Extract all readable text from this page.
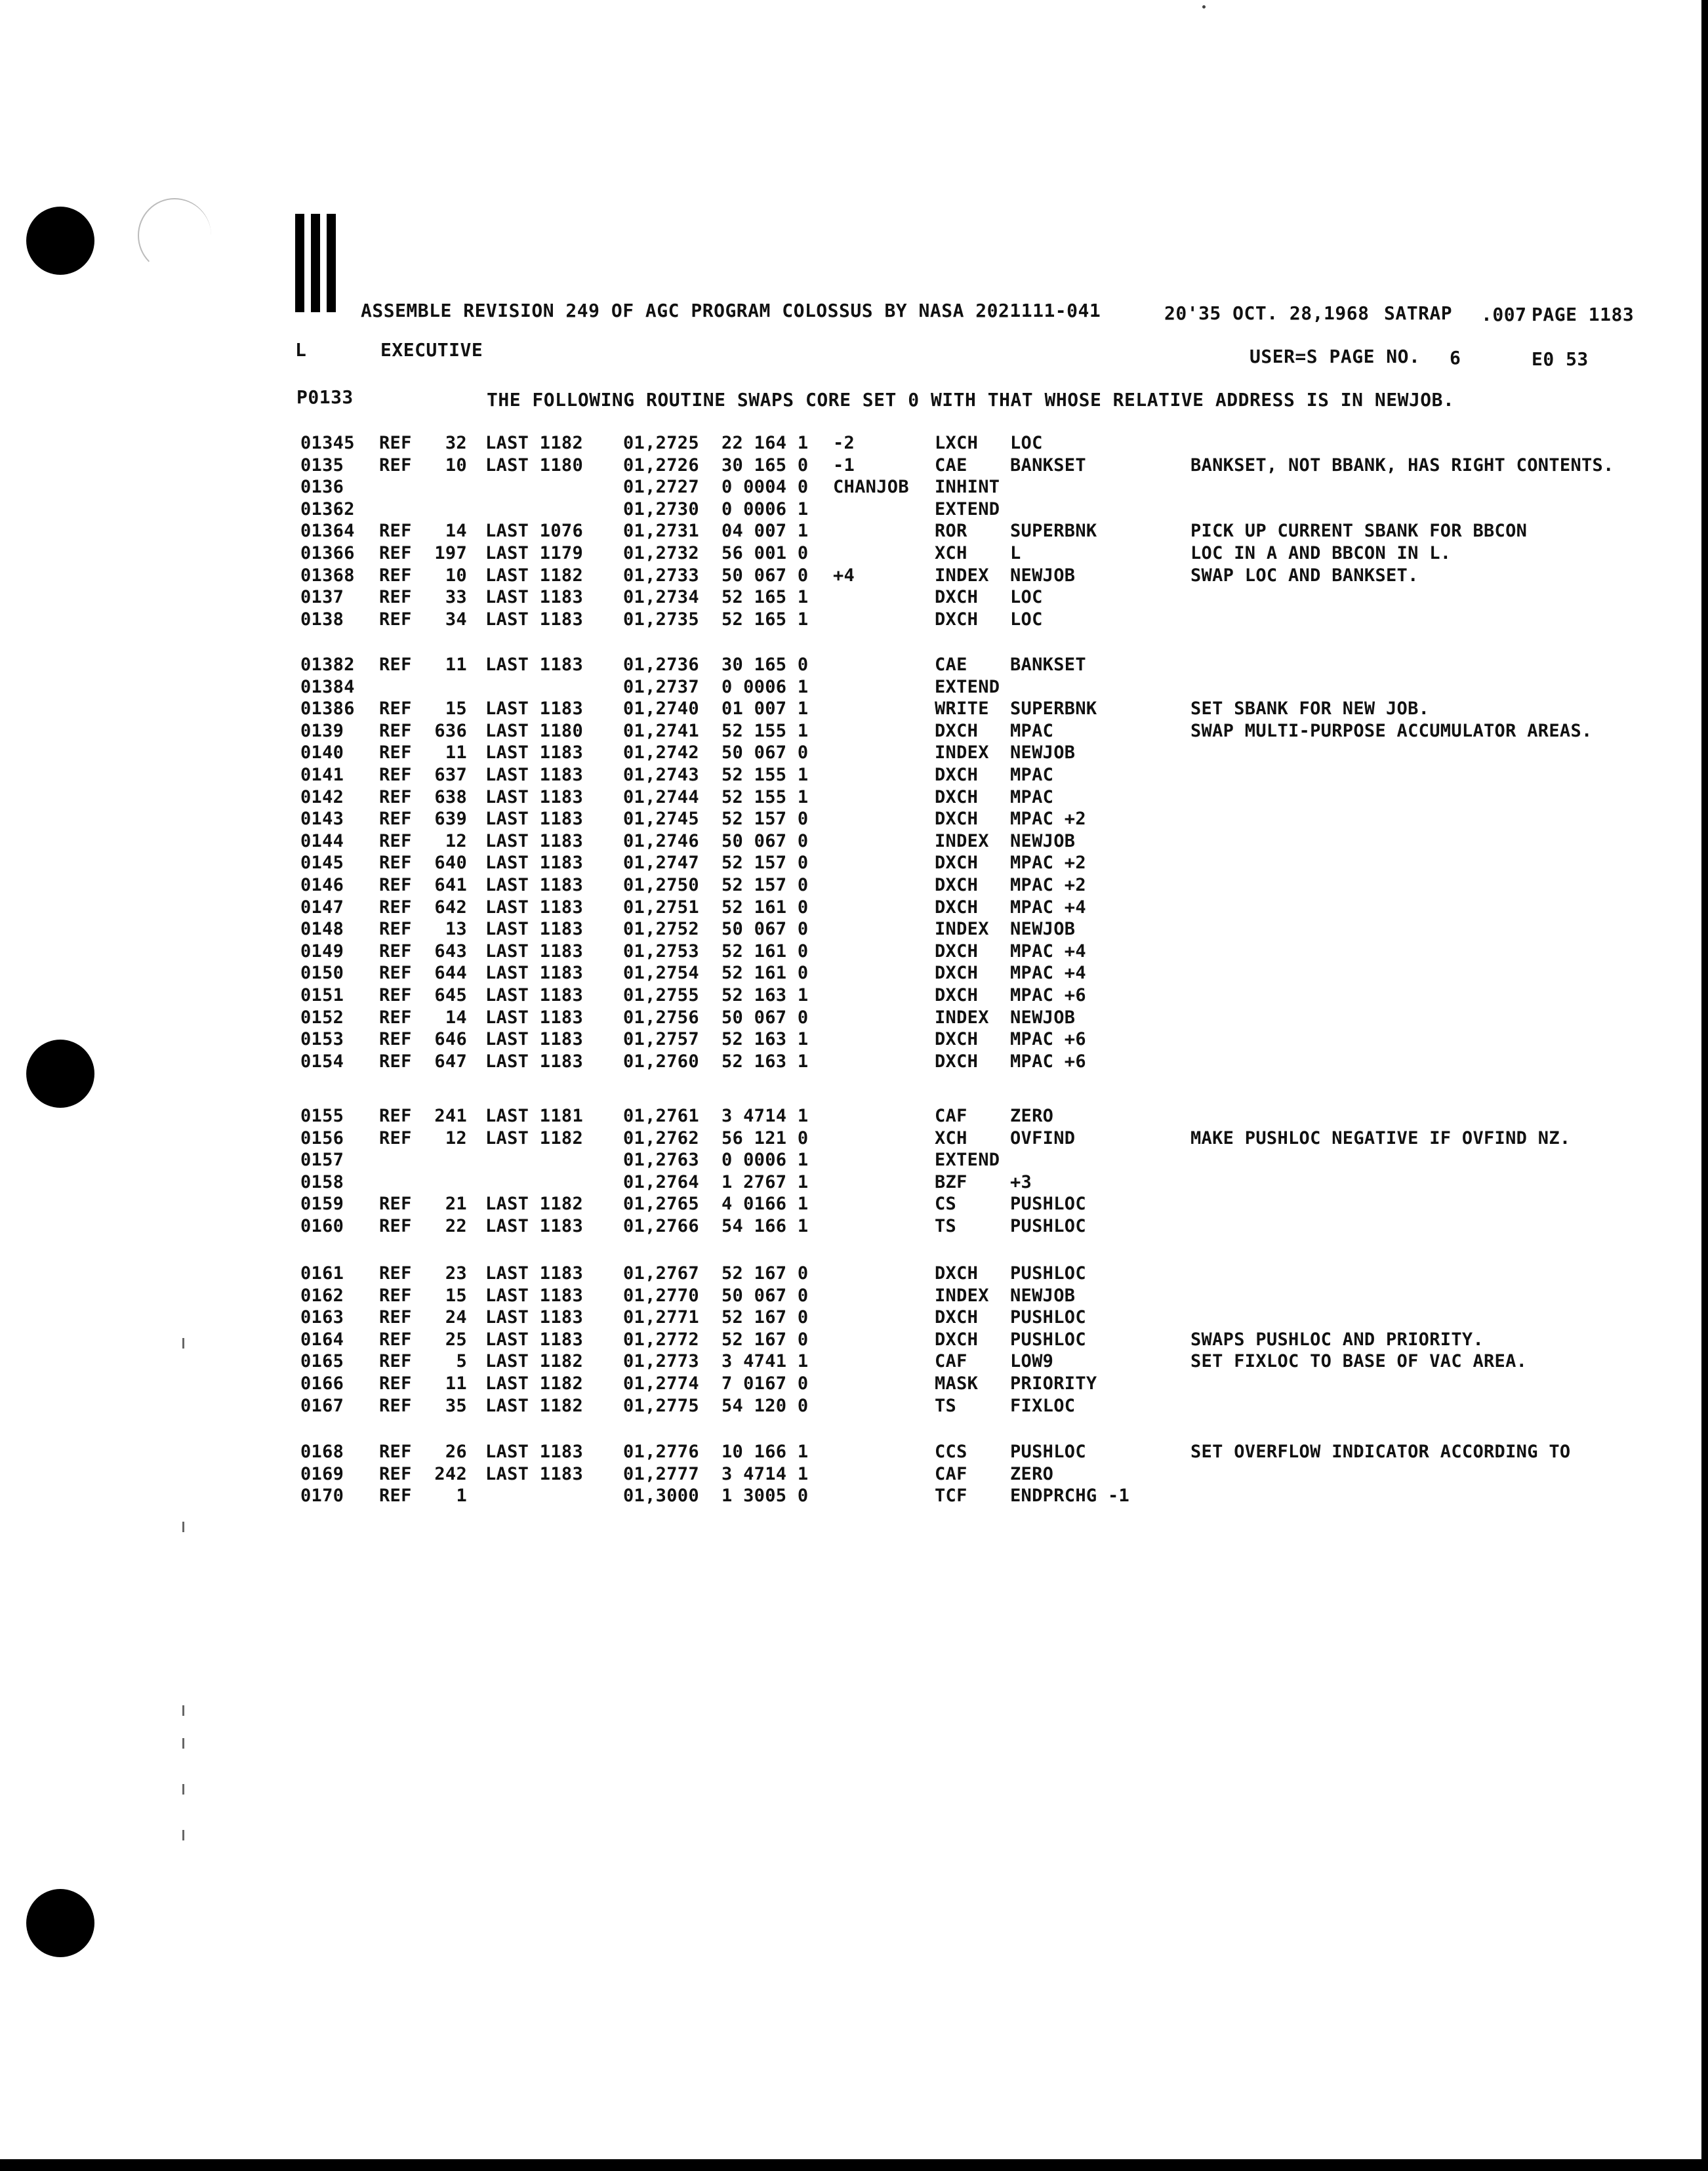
ASSEMBLE REVISION 249 OF AGC PROGRAM COLOSSUS BY NASA 2021111-041	20'35 OCT. 28,1968 SATRAP .007 PAGE 1183
L	EXECUTIVE	USER=S PAGE NO. 6	E0 53
P0133	THE FOLLOWING ROUTINE SWAPS CORE SET 0 WITH THAT WHOSE RELATIVE ADDRESS IS IN NEWJOB.
01345 REF	32 LAST 1182 01,2725 22 164 1 -2	LXCH LOC
0135 REF	10 LAST 1180 01,2726 30 165 0 -1	CAE BANKSET	BANKSET, NOT BBANK, HAS RIGHT CONTENTS.
0136	01,2727 0 0004 0 CHANJOB INHINT
01362	01,2730 0 0006 1	EXTEND
01364 REF	14 LAST 1076 01,2731 04 007 1	ROR SUPERBNK	PICK UP CURRENT SBANK FOR BBCON
01366 REF	197 LAST 1179 01,2732 56 001 0	XCH L	LOC IN A AND BBCON IN L.
01368 REF	10 LAST 1182 01,2733 50 067 0 +4	INDEX NEWJOB	SWAP LOC AND BANKSET.
0137 REF	33 LAST 1183 01,2734 52 165 1	DXCH LOC
0138 REF	34 LAST 1183 01,2735 52 165 1	DXCH LOC
01382 REF	11 LAST 1183 01,2736 30 165 0	CAE BANKSET
01384	01,2737 0 0006 1	EXTEND
01386 REF	15 LAST 1183 01,2740 01 007 1	WRITE SUPERBNK	SET SBANK FOR NEW JOB.
0139 REF	636 LAST 1180 01,2741 52 155 1	DXCH MPAC	SWAP MULTI-PURPOSE ACCUMULATOR AREAS.
0140 REF	11 LAST 1183 01,2742 50 067 0	INDEX NEWJOB
0141 REF	637 LAST 1183 01,2743 52 155 1	DXCH MPAC
0142 REF	638 LAST 1183 01,2744 52 155 1	DXCH MPAC
0143 REF	639 LAST 1183 01,2745 52 157 0	DXCH MPAC +2
0144 REF	12 LAST 1183 01,2746 50 067 0	INDEX NEWJOB
0145 REF	640 LAST 1183 01,2747 52 157 0	DXCH MPAC +2
0146 REF	641 LAST 1183 01,2750 52 157 0	DXCH MPAC +2
0147 REF	642 LAST 1183 01,2751 52 161 0	DXCH MPAC +4
0148 REF	13 LAST 1183 01,2752 50 067 0	INDEX NEWJOB
0149 REF	643 LAST 1183 01,2753 52 161 0	DXCH MPAC +4
0150 REF	644 LAST 1183 01,2754 52 161 0	DXCH MPAC +4
0151 REF	645 LAST 1183 01,2755 52 163 1	DXCH MPAC +6
0152 REF	14 LAST 1183 01,2756 50 067 0	INDEX NEWJOB
0153 REF	646 LAST 1183 01,2757 52 163 1	DXCH MPAC +6
0154 REF	647 LAST 1183 01,2760 52 163 1	DXCH MPAC +6
0155 REF	241 LAST 1181 01,2761 3 4714 1	CAF ZERO
0156 REF	12 LAST 1182 01,2762 56 121 0	XCH OVFIND	MAKE PUSHLOC NEGATIVE IF OVFIND NZ.
0157	01,2763 0 0006 1	EXTEND
0158	01,2764 1 2767 1	BZF +3
0159 REF	21 LAST 1182 01,2765 4 0166 1	CS	PUSHLOC
0160 REF	22 LAST 1183 01,2766 54 166 1	TS	PUSHLOC
0161 REF	23 LAST 1183 01,2767 52 167 0	DXCH PUSHLOC
0162 REF	15 LAST 1183 01,2770 50 067 0	INDEX NEWJOB
0163 REF	24 LAST 1183 01,2771 52 167 0	DXCH PUSHLOC
0164 REF	25 LAST 1183 01,2772 52 167 0	DXCH PUSHLOC	SWAPS PUSHLOC AND PRIORITY.
0165 REF	5 LAST 1182 01,2773 3 4741 1	CAF LOW9	SET FIXLOC TO BASE OF VAC AREA.
0166 REF	11 LAST 1182 01,2774 7 0167 0	MASK PRIORITY
0167 REF	35 LAST 1182 01,2775 54 120 0	TS	FIXLOC
0168 REF	26 LAST 1183 01,2776 10 166 1	CCS PUSHLOC	SET OVERFLOW INDICATOR ACCORDING TO
0169 REF	242 LAST 1183 01,2777 3 4714 1	CAF ZERO
0170 REF	1	01,3000 1 3005 0	TCF ENDPRCHG -1
